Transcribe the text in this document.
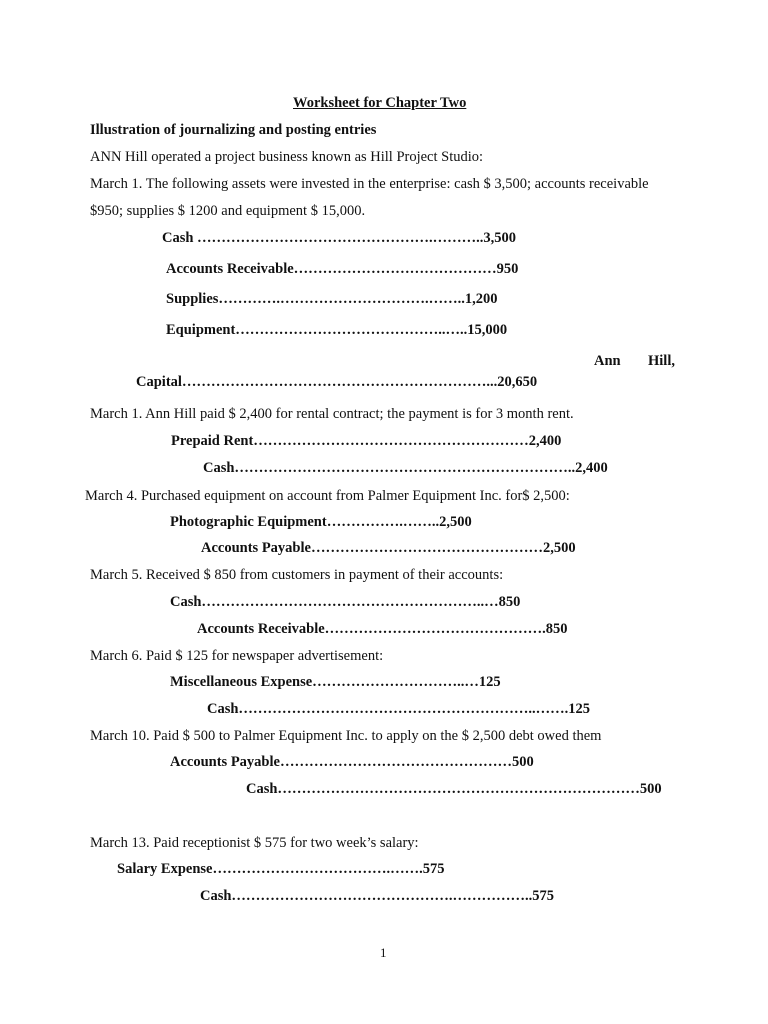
Worksheet for Chapter Two
Illustration of journalizing and posting entries
ANN Hill operated a project business known as Hill Project Studio:
March 1. The following assets were invested in the enterprise: cash $ 3,500; accounts receivable
$950; supplies $ 1200 and equipment $ 15,000.
Cash ………………………………………….………..3,500
Accounts Receivable……………………………………950
Supplies………….………………………….……..1,200
Equipment……………………………………..…..15,000
Ann Hill,
Capital………………………………………………………...20,650
March 1. Ann Hill paid $ 2,400 for rental contract; the payment is for 3 month rent.
Prepaid Rent…………………………………………………2,400
Cash……………………………………………………………..2,400
March 4. Purchased equipment on account from Palmer Equipment Inc. for$ 2,500:
Photographic Equipment…………….……..2,500
Accounts Payable…………………………………………2,500
March 5. Received $ 850 from customers in payment of their accounts:
Cash…………………………………………………..…850
Accounts Receivable……………………………………….850
March 6. Paid $ 125 for newspaper advertisement:
Miscellaneous Expense…………………………..…125
Cash……………………………………………………..…….125
March 10. Paid $ 500 to Palmer Equipment Inc. to apply on the $ 2,500 debt owed them
Accounts Payable…………………………………………500
Cash…………………………………………………………………500
March 13. Paid receptionist $ 575 for two week’s salary:
Salary Expense……………………………….…….575
Cash……………………………………….……………..575
1
